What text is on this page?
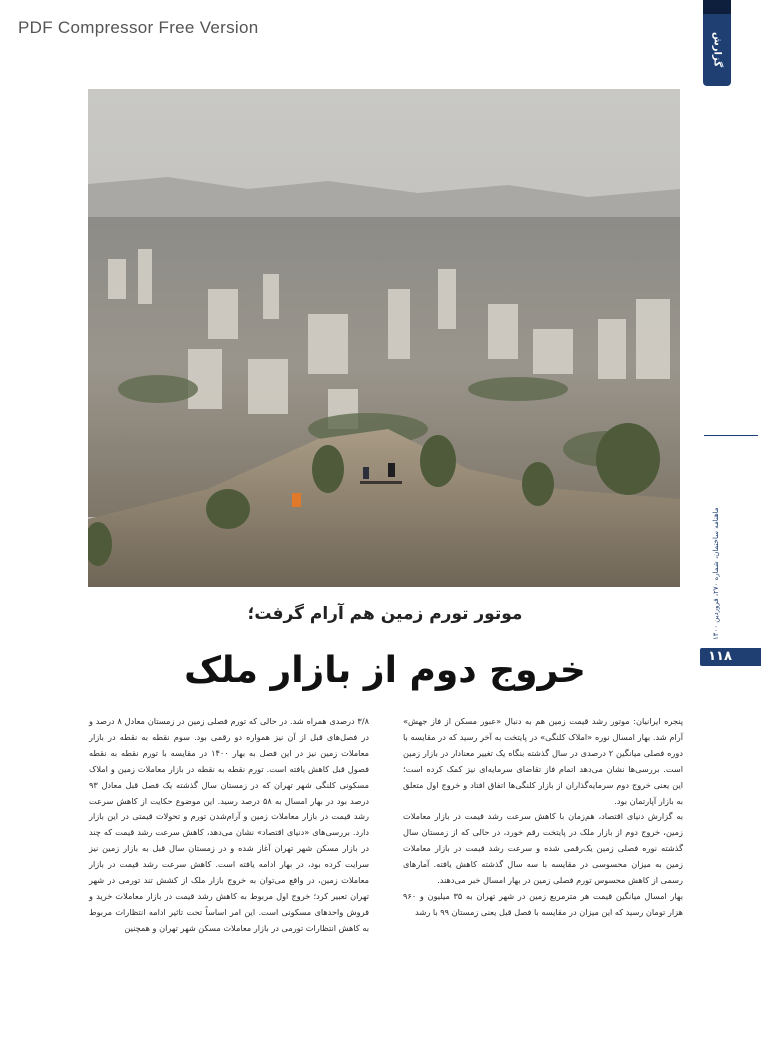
PDF Compressor Free Version
گزارش
ماهنامه ساختمان، شماره ۲۷۰، فروردین ۱۴۰۰
۱۱۸
موتور تورم زمین هم آرام گرفت؛
خروج دوم از بازار ملک

پنجره ایرانیان: موتور رشد قیمت زمین هم به دنبال «عبور مسکن از فاز جهش» آرام شد. بهار امسال نوره «املاک کلنگی» در پایتخت به آخر رسید که در مقایسه با دوره فصلی میانگین ۲ درصدی در سال گذشته بنگاه یک تغییر معنادار در بازار زمین است. بررسی‌ها نشان می‌دهد اتمام فاز تقاضای سرمایه‌ای نیز کمک کرده است؛ این یعنی خروج دوم سرمایه‌گذاران از بازار کلنگی‌ها اتفاق افتاد و خروج اول متعلق به بازار آپارتمان بود.

به گزارش دنیای اقتصاد، هم‌زمان با کاهش سرعت رشد قیمت در بازار معاملات زمین، خروج دوم از بازار ملک در پایتخت رقم خورد، در حالی که از زمستان سال گذشته نوره فصلی زمین یک‌رقمی شده و سرعت رشد قیمت در بازار معاملات زمین به میزان محسوسی در مقایسه با سه سال گذشته کاهش یافته. آمارهای رسمی از کاهش محسوس تورم فصلی زمین در بهار امسال خبر می‌دهند.

بهار امسال میانگین قیمت هر مترمربع زمین در شهر تهران به ۳۵ میلیون و ۹۶۰ هزار تومان رسید که این میزان در مقایسه با فصل قبل یعنی زمستان ۹۹ با رشد

۳/۸ درصدی همراه شد. در حالی که تورم فصلی زمین در زمستان معادل ۸ درصد و در فصل‌های قبل از آن نیز همواره دو رقمی بود. سوم نقطه به نقطه در بازار معاملات زمین نیز در این فصل به بهار ۱۴۰۰ در مقایسه با تورم نقطه به نقطه فصول قبل کاهش یافته است. تورم نقطه به نقطه در بازار معاملات زمین و املاک مسکونی کلنگی شهر تهران که در زمستان سال گذشته یک فصل قبل معادل ۹۳ درصد بود در بهار امسال به ۵۸ درصد رسید. این موضوع حکایت از کاهش سرعت رشد قیمت در بازار معاملات زمین و آرام‌شدن تورم و تحولات قیمتی در این بازار دارد. بررسی‌های «دنیای اقتصاد» نشان می‌دهد، کاهش سرعت رشد قیمت که چند در بازار مسکن شهر تهران آغاز شده و در زمستان سال قبل به بازار زمین نیز سرایت کرده بود، در بهار ادامه یافته است. کاهش سرعت رشد قیمت در بازار معاملات زمین، در واقع می‌توان به خروج بازار ملک از کشش تند تورمی در شهر تهران تعبیر کرد؛ خروج اول مربوط به کاهش رشد قیمت در بازار معاملات خرید و فروش واحدهای مسکونی است. این امر اساساً تحت تاثیر ادامه انتظارات مربوط به کاهش انتظارات تورمی در بازار معاملات مسکن شهر تهران و همچنین
